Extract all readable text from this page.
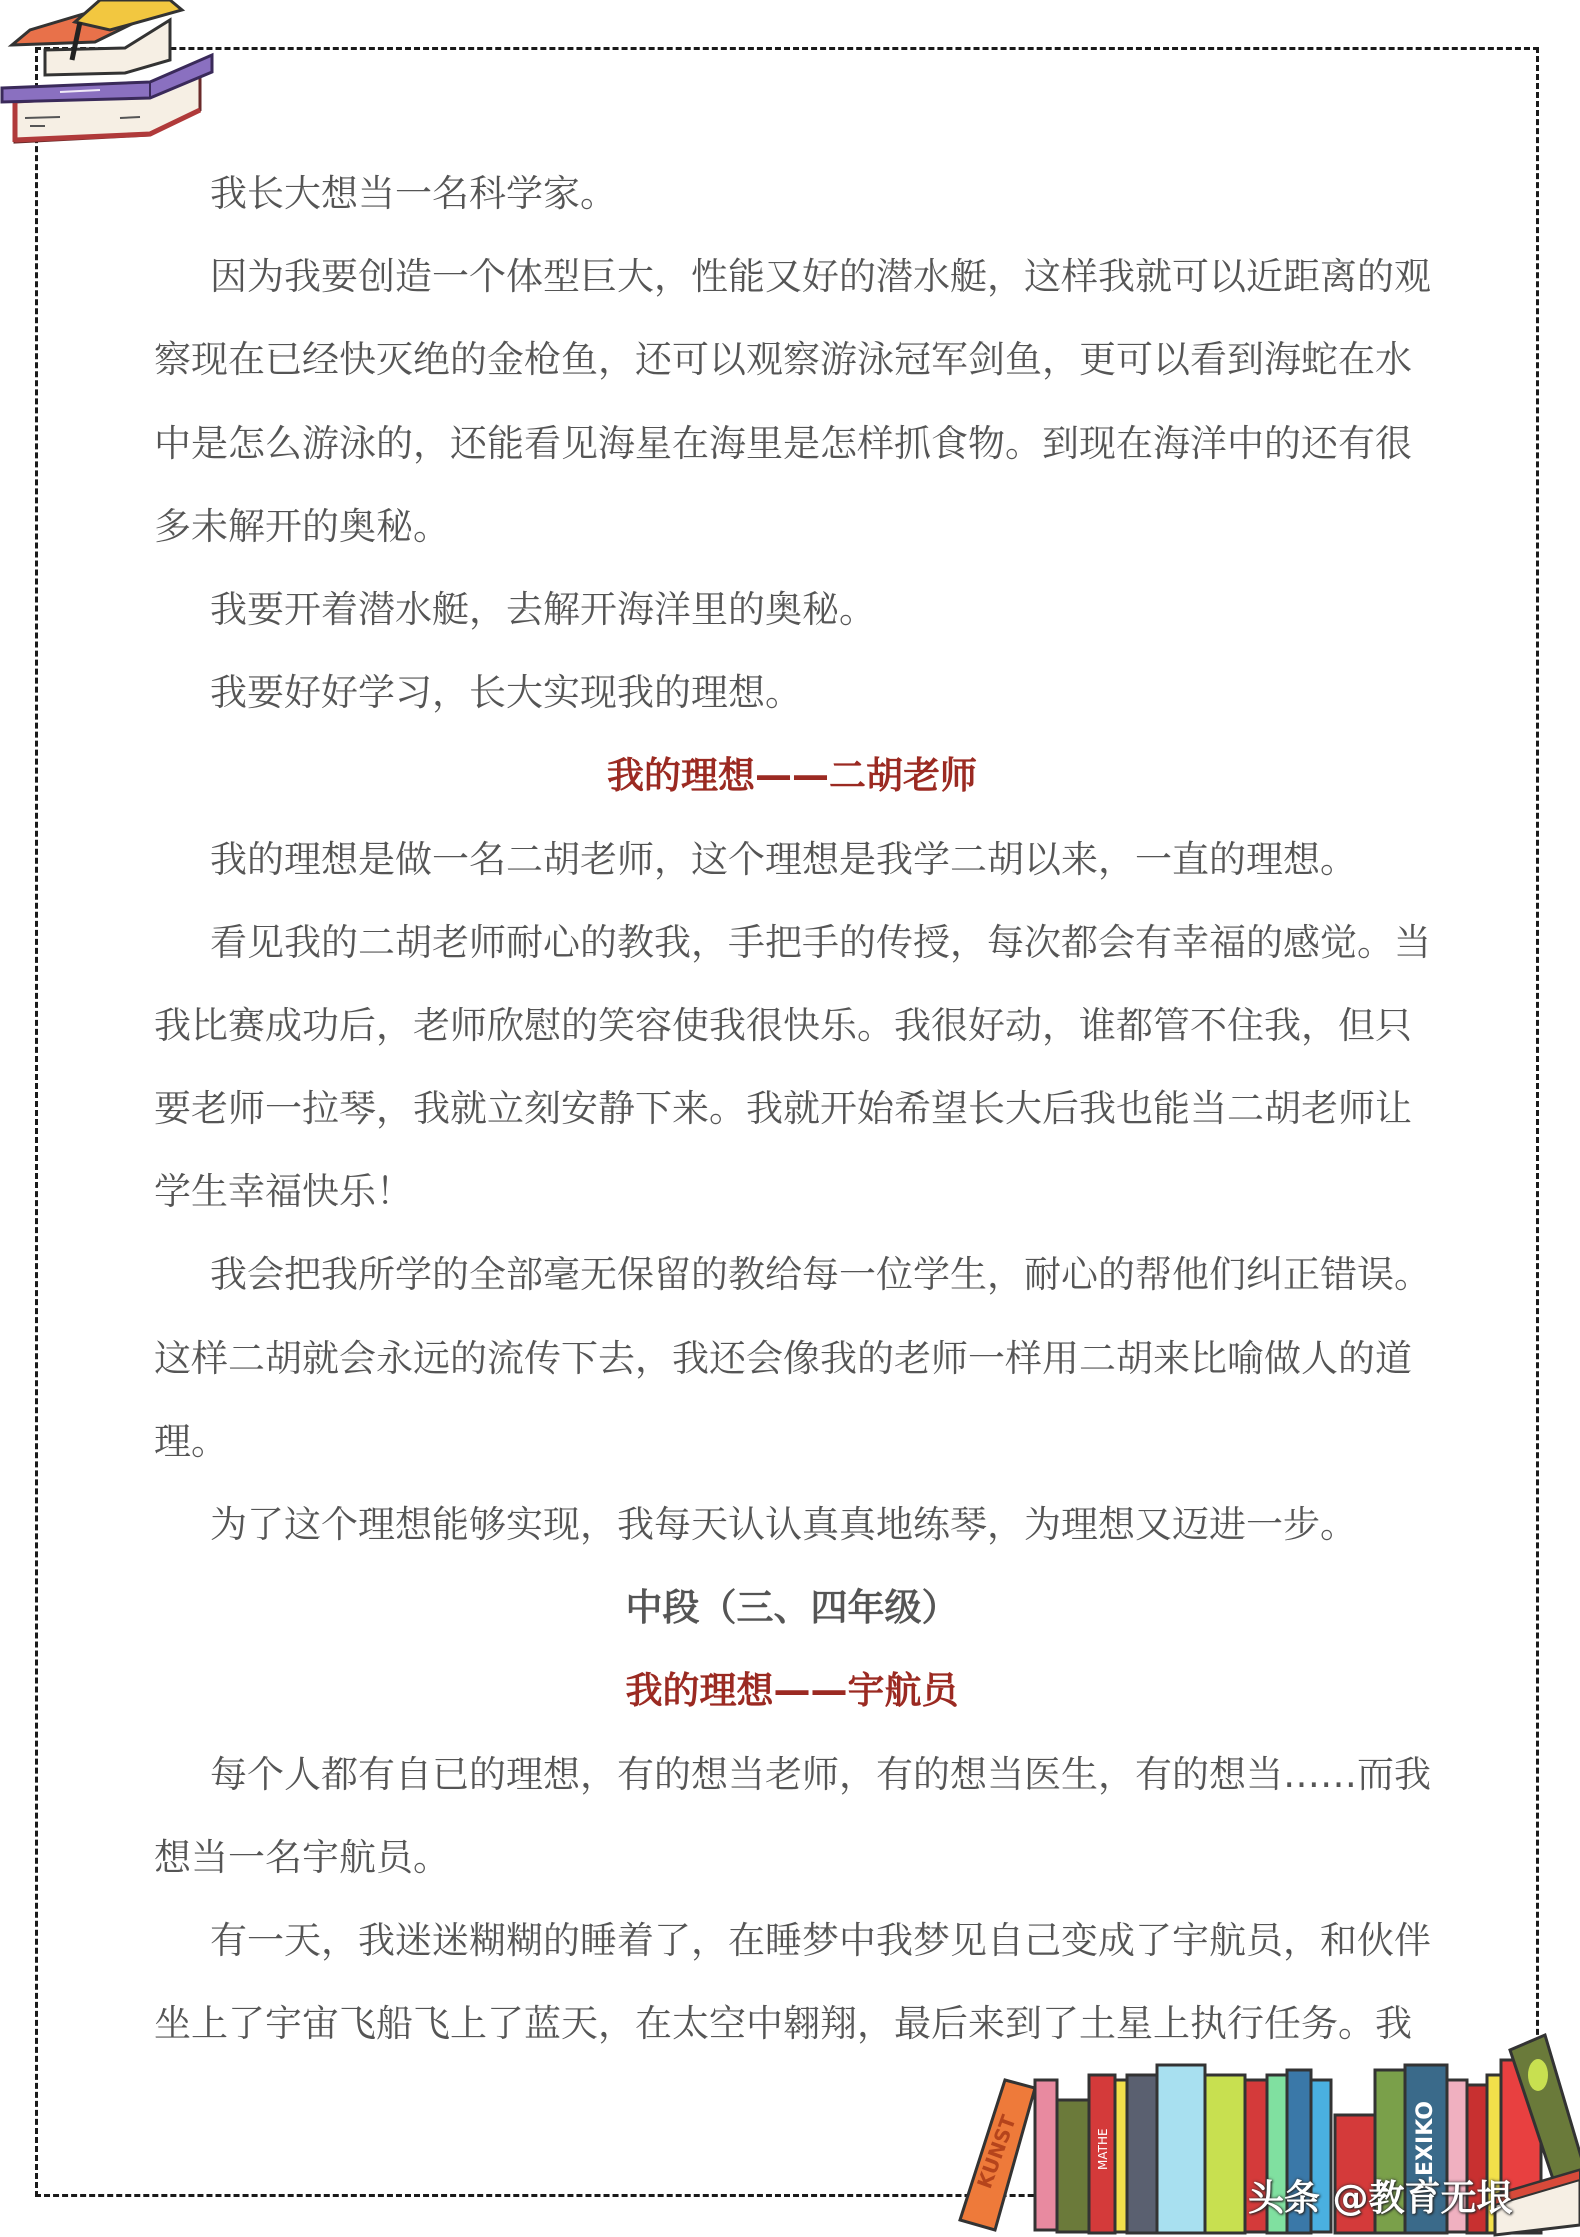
我长大想当一名科学家。
因为我要创造一个体型巨大，性能又好的潜水艇，这样我就可以近距离的观
察现在已经快灭绝的金枪鱼，还可以观察游泳冠军剑鱼，更可以看到海蛇在水
中是怎么游泳的，还能看见海星在海里是怎样抓食物。到现在海洋中的还有很
多未解开的奥秘。
我要开着潜水艇，去解开海洋里的奥秘。
我要好好学习，长大实现我的理想。
我的理想——二胡老师
我的理想是做一名二胡老师，这个理想是我学二胡以来，一直的理想。
看见我的二胡老师耐心的教我，手把手的传授，每次都会有幸福的感觉。当
我比赛成功后，老师欣慰的笑容使我很快乐。我很好动，谁都管不住我，但只
要老师一拉琴，我就立刻安静下来。我就开始希望长大后我也能当二胡老师让
学生幸福快乐！
我会把我所学的全部毫无保留的教给每一位学生，耐心的帮他们纠正错误。
这样二胡就会永远的流传下去，我还会像我的老师一样用二胡来比喻做人的道
理。
为了这个理想能够实现，我每天认认真真地练琴，为理想又迈进一步。
中段（三、四年级）
我的理想——宇航员
每个人都有自已的理想，有的想当老师，有的想当医生，有的想当……而我
想当一名宇航员。
有一天，我迷迷糊糊的睡着了，在睡梦中我梦见自己变成了宇航员，和伙伴
坐上了宇宙飞船飞上了蓝天，在太空中翱翔，最后来到了土星上执行任务。我
KUNST	MATHE	LEXIKO
头条 @教育无垠
